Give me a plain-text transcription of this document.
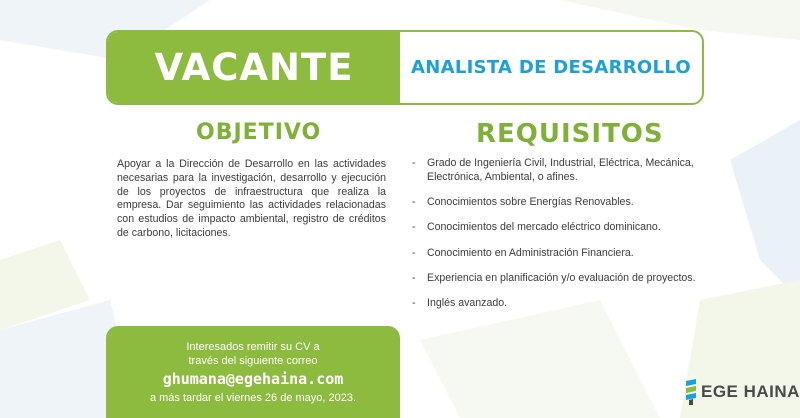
VACANTE	ANALISTA DE DESARROLLO
OBJETIVO

Apoyar a la Dirección de Desarrollo en las actividades necesarias para la investigación, desarrollo y ejecución de los proyectos de infraestructura que realiza la empresa. Dar seguimiento las actividades relacionadas con estudios de impacto ambiental, registro de créditos de carbono, licitaciones.

REQUISITOS
- Grado de Ingeniería Civil, Industrial, Eléctrica, Mecánica, Electrónica, Ambiental, o afines.
- Conocimientos sobre Energías Renovables.
- Conocimientos del mercado eléctrico dominicano.
- Conocimiento en Administración Financiera.
- Experiencia en planificación y/o evaluación de proyectos.
- Inglés avanzado.
Interesados remitir su CV a
través del siguiente correo
ghumana@egehaina.com
a más tardar el viernes 26 de mayo, 2023.	EGE HAINA
